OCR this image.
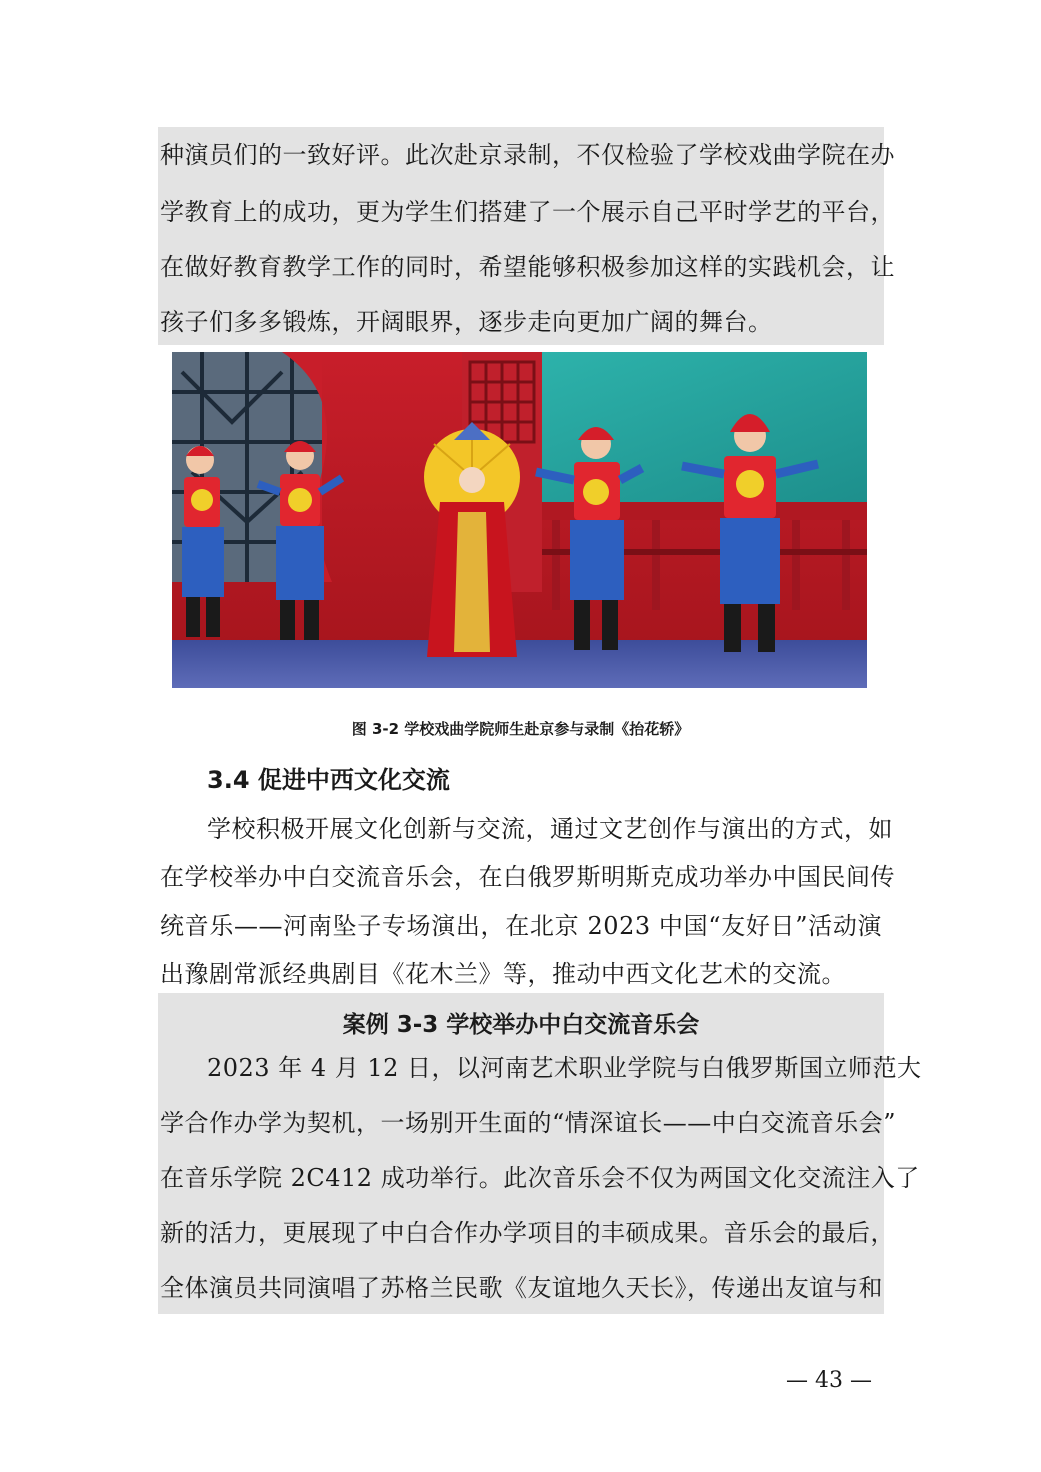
种演员们的一致好评。此次赴京录制，不仅检验了学校戏曲学院在办
学教育上的成功，更为学生们搭建了一个展示自己平时学艺的平台，
在做好教育教学工作的同时，希望能够积极参加这样的实践机会，让
孩子们多多锻炼，开阔眼界，逐步走向更加广阔的舞台。
图 3-2 学校戏曲学院师生赴京参与录制《抬花轿》
3.4 促进中西文化交流
学校积极开展文化创新与交流，通过文艺创作与演出的方式，如
在学校举办中白交流音乐会，在白俄罗斯明斯克成功举办中国民间传
统音乐——河南坠子专场演出，在北京 2023 中国“友好日”活动演
出豫剧常派经典剧目《花木兰》等，推动中西文化艺术的交流。
案例 3-3 学校举办中白交流音乐会
2023 年 4 月 12 日，以河南艺术职业学院与白俄罗斯国立师范大
学合作办学为契机，一场别开生面的“情深谊长——中白交流音乐会”
在音乐学院 2C412 成功举行。此次音乐会不仅为两国文化交流注入了
新的活力，更展现了中白合作办学项目的丰硕成果。音乐会的最后，
全体演员共同演唱了苏格兰民歌《友谊地久天长》，传递出友谊与和
— 43 —
